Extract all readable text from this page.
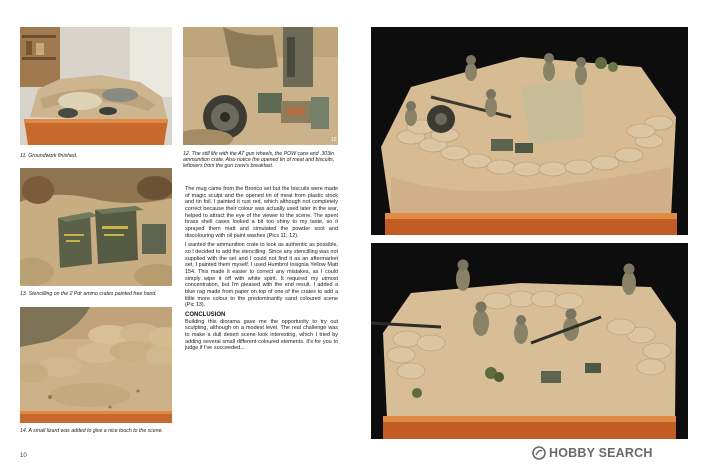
11. Groundwork finished.
12
12. The still life with the AT gun wheels, the POW cans and .303in ammunition crate. Also notice the opened tin of meat and biscuits, leftovers from the gun crew's breakfast.
13. Stencilling on the 2 Pdr ammo crates painted free hand.
14. A small lizard was added to give a nice touch to the scene.

The mug came from the Bronco set but the biscuits were made of magic sculpt and the opened tin of meat from plastic stock and tin foil. I painted it rust red, which although not completely correct because their colour was actually used later in the war, helped to attract the eye of the viewer to the scene. The spent brass shell cases looked a bit too shiny to my taste, so it sprayed them matt and simulated the powder soot and discolouring with oil paint washes (Pics 11, 12).

I wanted the ammunition crate to look as authentic as possible, so I decided to add the stencilling. Since any stencilling was not supplied with the set and I could not find it as an aftermarket set, I painted them myself. I used Humbrol Insignia Yellow Matt 154. This made it easier to correct any mistakes, as I could simply wipe it off with white spirit. It required my utmost concentration, but I'm pleased with the end result. I added a blue rag made from paper on top of one of the crates to add a little more colour to the predominantly sand coloured scene (Pic 13).

CONCLUSION

Building this diorama gave me the opportunity to try out sculpting, although on a modest level. The real challenge was to make a dull desert scene look interesting, which I tried by adding several small different coloured elements. It's for you to judge if I've succeeded...

10	HOBBY SEARCH
